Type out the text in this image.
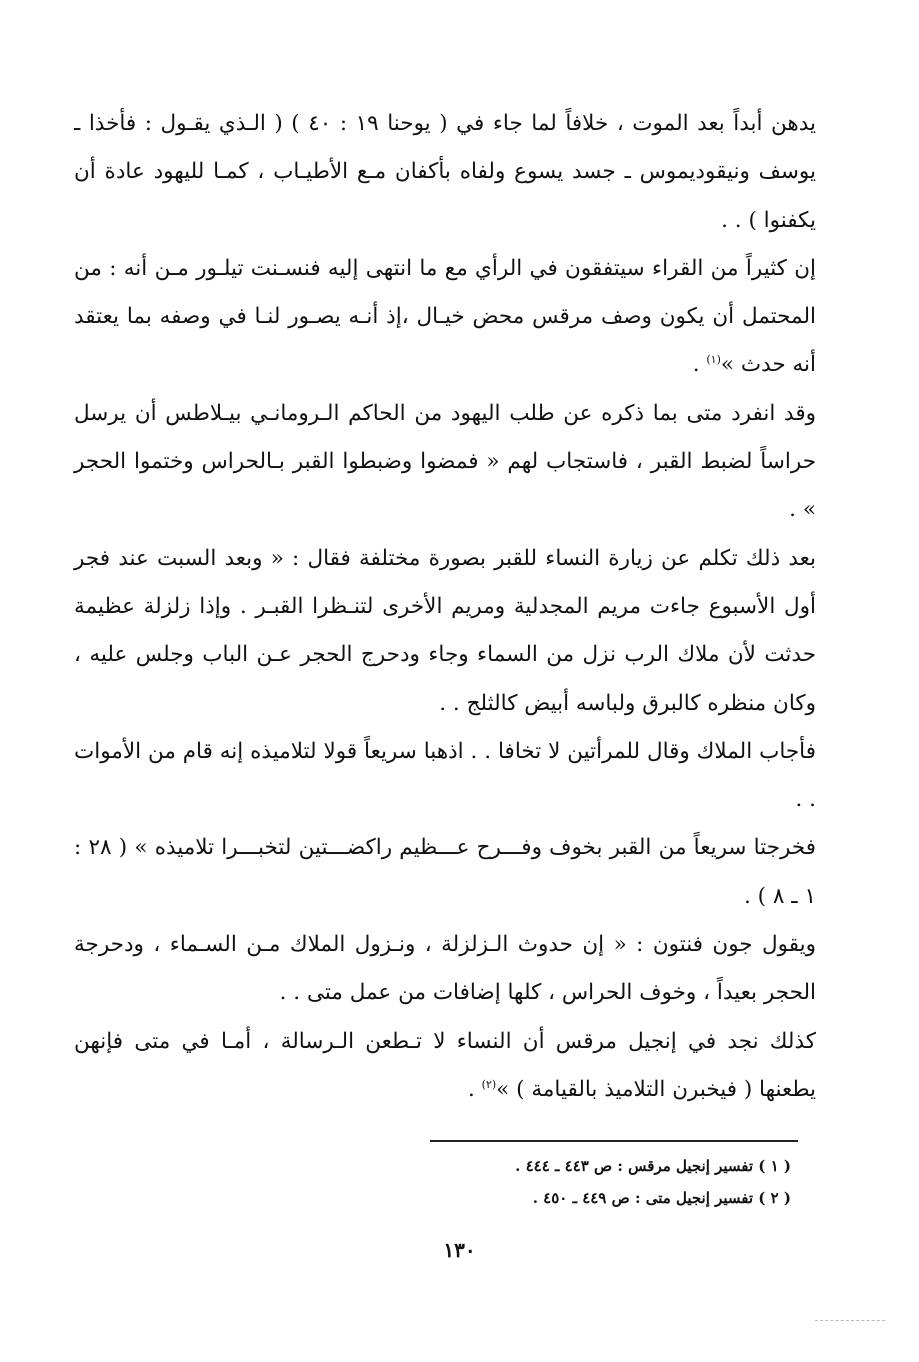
يدهن أبداً بعد الموت ، خلافاً لما جاء في ( يوحنا ١٩ : ٤٠ ) ( الـذي يقـول : فأخذا ـ يوسف ونيقوديموس ـ جسد يسوع ولفاه بأكفان مـع الأطيـاب ، كمـا لليهود عادة أن يكفنوا ) . .

إن كثيراً من القراء سيتفقون في الرأي مع ما انتهى إليه فنسـنت تيلـور مـن أنه : من المحتمل أن يكون وصف مرقس محض خيـال ،إذ أنـه يصـور لنـا في وصفه بما يعتقد أنه حدث »$^{(١)}$ .

وقد انفرد متى بما ذكره عن طلب اليهود من الحاكم الـرومانـي بيـلاطس أن يرسل حراساً لضبط القبر ، فاستجاب لهم « فمضوا وضبطوا القبر بـالحراس وختموا الحجر » .

بعد ذلك تكلم عن زيارة النساء للقبر بصورة مختلفة فقال : « وبعد السبت عند فجر أول الأسبوع جاءت مريم المجدلية ومريم الأخرى لتنـظرا القبـر . وإذا زلزلة عظيمة حدثت لأن ملاك الرب نزل من السماء وجاء ودحرج الحجر عـن الباب وجلس عليه ، وكان منظره كالبرق ولباسه أبيض كالثلج . .

فأجاب الملاك وقال للمرأتين لا تخافا . . اذهبا سريعاً قولا لتلاميذه إنه قام من الأموات . .

فخرجتا سريعاً من القبر بخوف وفـــرح عـــظيم راكضـــتين لتخبـــرا تلاميذه » ( ٢٨ : ١ ـ ٨ ) .

ويقول جون فنتون : « إن حدوث الـزلزلة ، ونـزول الملاك مـن السـماء ، ودحرجة الحجر بعيداً ، وخوف الحراس ، كلها إضافات من عمل متى . .

كذلك نجد في إنجيل مرقس أن النساء لا تـطعن الـرسالة ، أمـا في متى فإنهن يطعنها ( فيخبرن التلاميذ بالقيامة ) »$^{(٢)}$ .

( ١ ) تفسير إنجيل مرقس : ص ٤٤٣ ـ ٤٤٤ .
( ٢ ) تفسير إنجيل متى : ص ٤٤٩ ـ ٤٥٠ .
١٣٠
